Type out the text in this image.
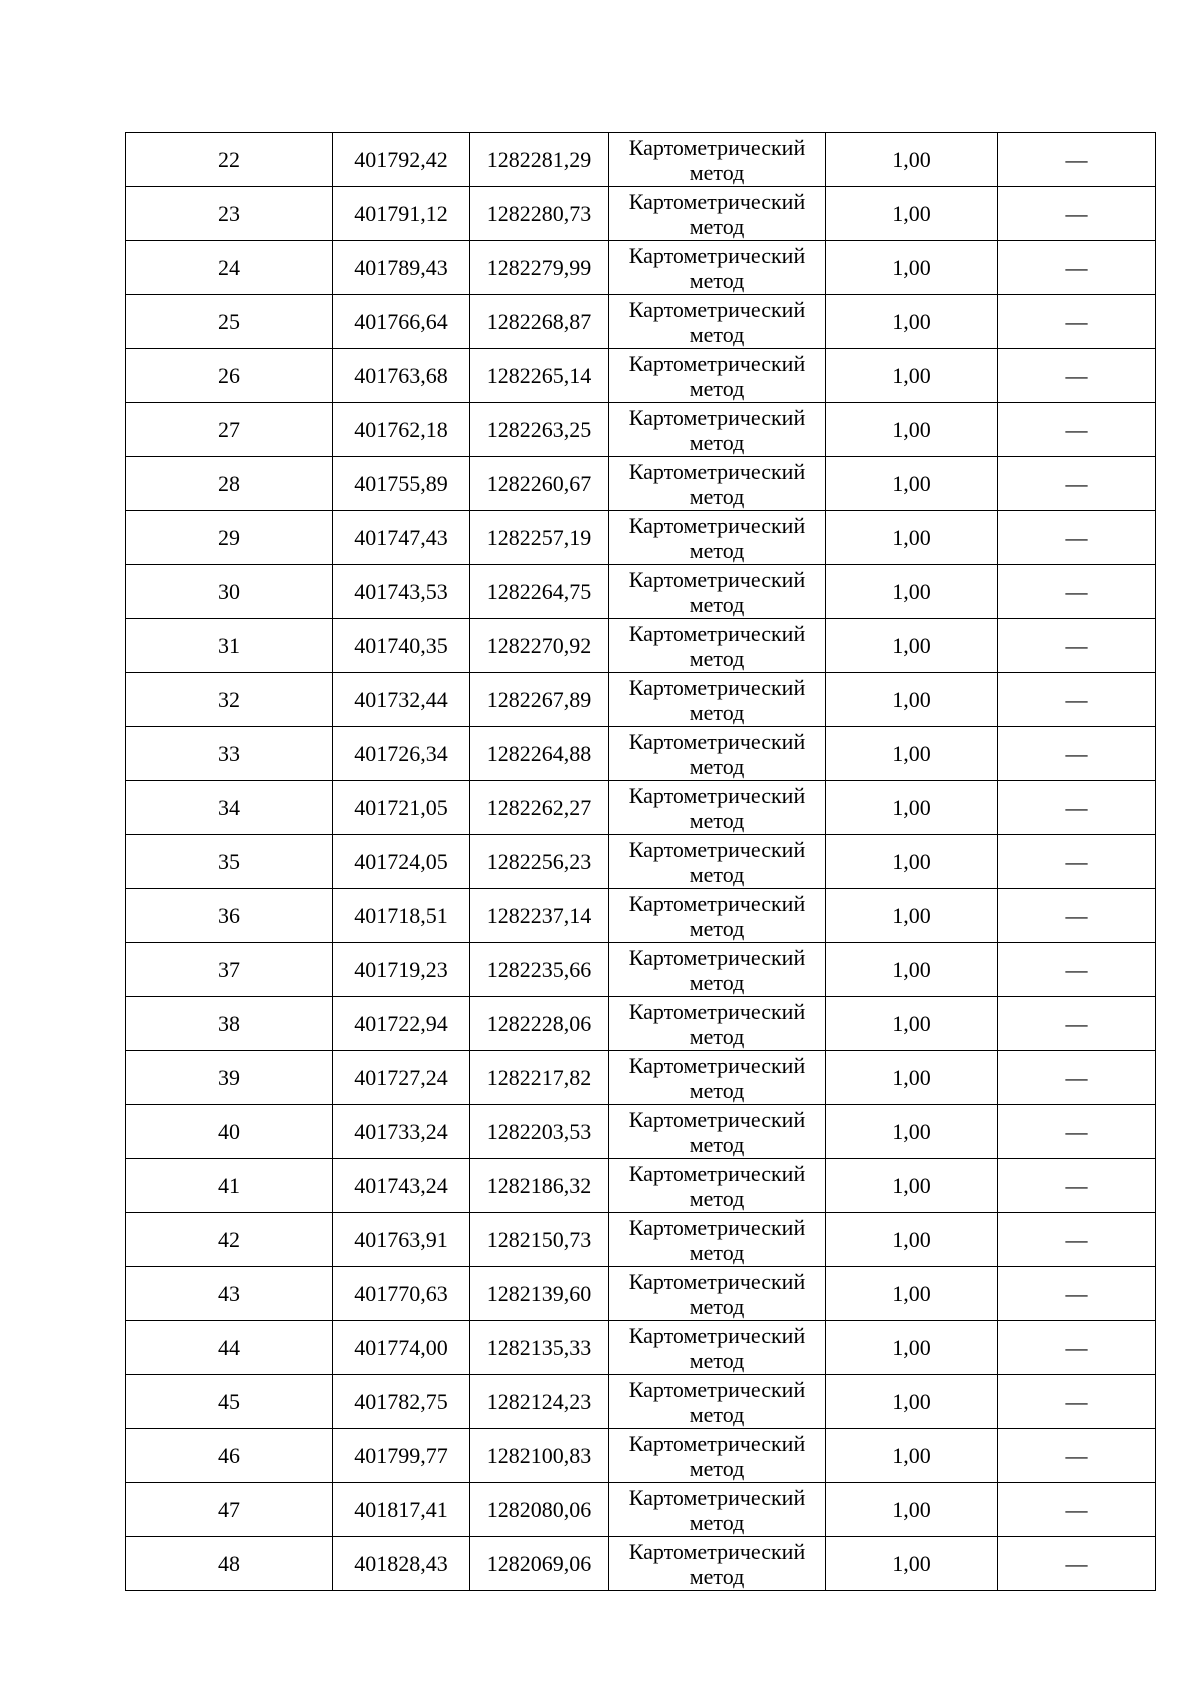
22	401792,42	1282281,29	Картометрический метод	1,00	—
23	401791,12	1282280,73	Картометрический метод	1,00	—
24	401789,43	1282279,99	Картометрический метод	1,00	—
25	401766,64	1282268,87	Картометрический метод	1,00	—
26	401763,68	1282265,14	Картометрический метод	1,00	—
27	401762,18	1282263,25	Картометрический метод	1,00	—
28	401755,89	1282260,67	Картометрический метод	1,00	—
29	401747,43	1282257,19	Картометрический метод	1,00	—
30	401743,53	1282264,75	Картометрический метод	1,00	—
31	401740,35	1282270,92	Картометрический метод	1,00	—
32	401732,44	1282267,89	Картометрический метод	1,00	—
33	401726,34	1282264,88	Картометрический метод	1,00	—
34	401721,05	1282262,27	Картометрический метод	1,00	—
35	401724,05	1282256,23	Картометрический метод	1,00	—
36	401718,51	1282237,14	Картометрический метод	1,00	—
37	401719,23	1282235,66	Картометрический метод	1,00	—
38	401722,94	1282228,06	Картометрический метод	1,00	—
39	401727,24	1282217,82	Картометрический метод	1,00	—
40	401733,24	1282203,53	Картометрический метод	1,00	—
41	401743,24	1282186,32	Картометрический метод	1,00	—
42	401763,91	1282150,73	Картометрический метод	1,00	—
43	401770,63	1282139,60	Картометрический метод	1,00	—
44	401774,00	1282135,33	Картометрический метод	1,00	—
45	401782,75	1282124,23	Картометрический метод	1,00	—
46	401799,77	1282100,83	Картометрический метод	1,00	—
47	401817,41	1282080,06	Картометрический метод	1,00	—
48	401828,43	1282069,06	Картометрический метод	1,00	—
